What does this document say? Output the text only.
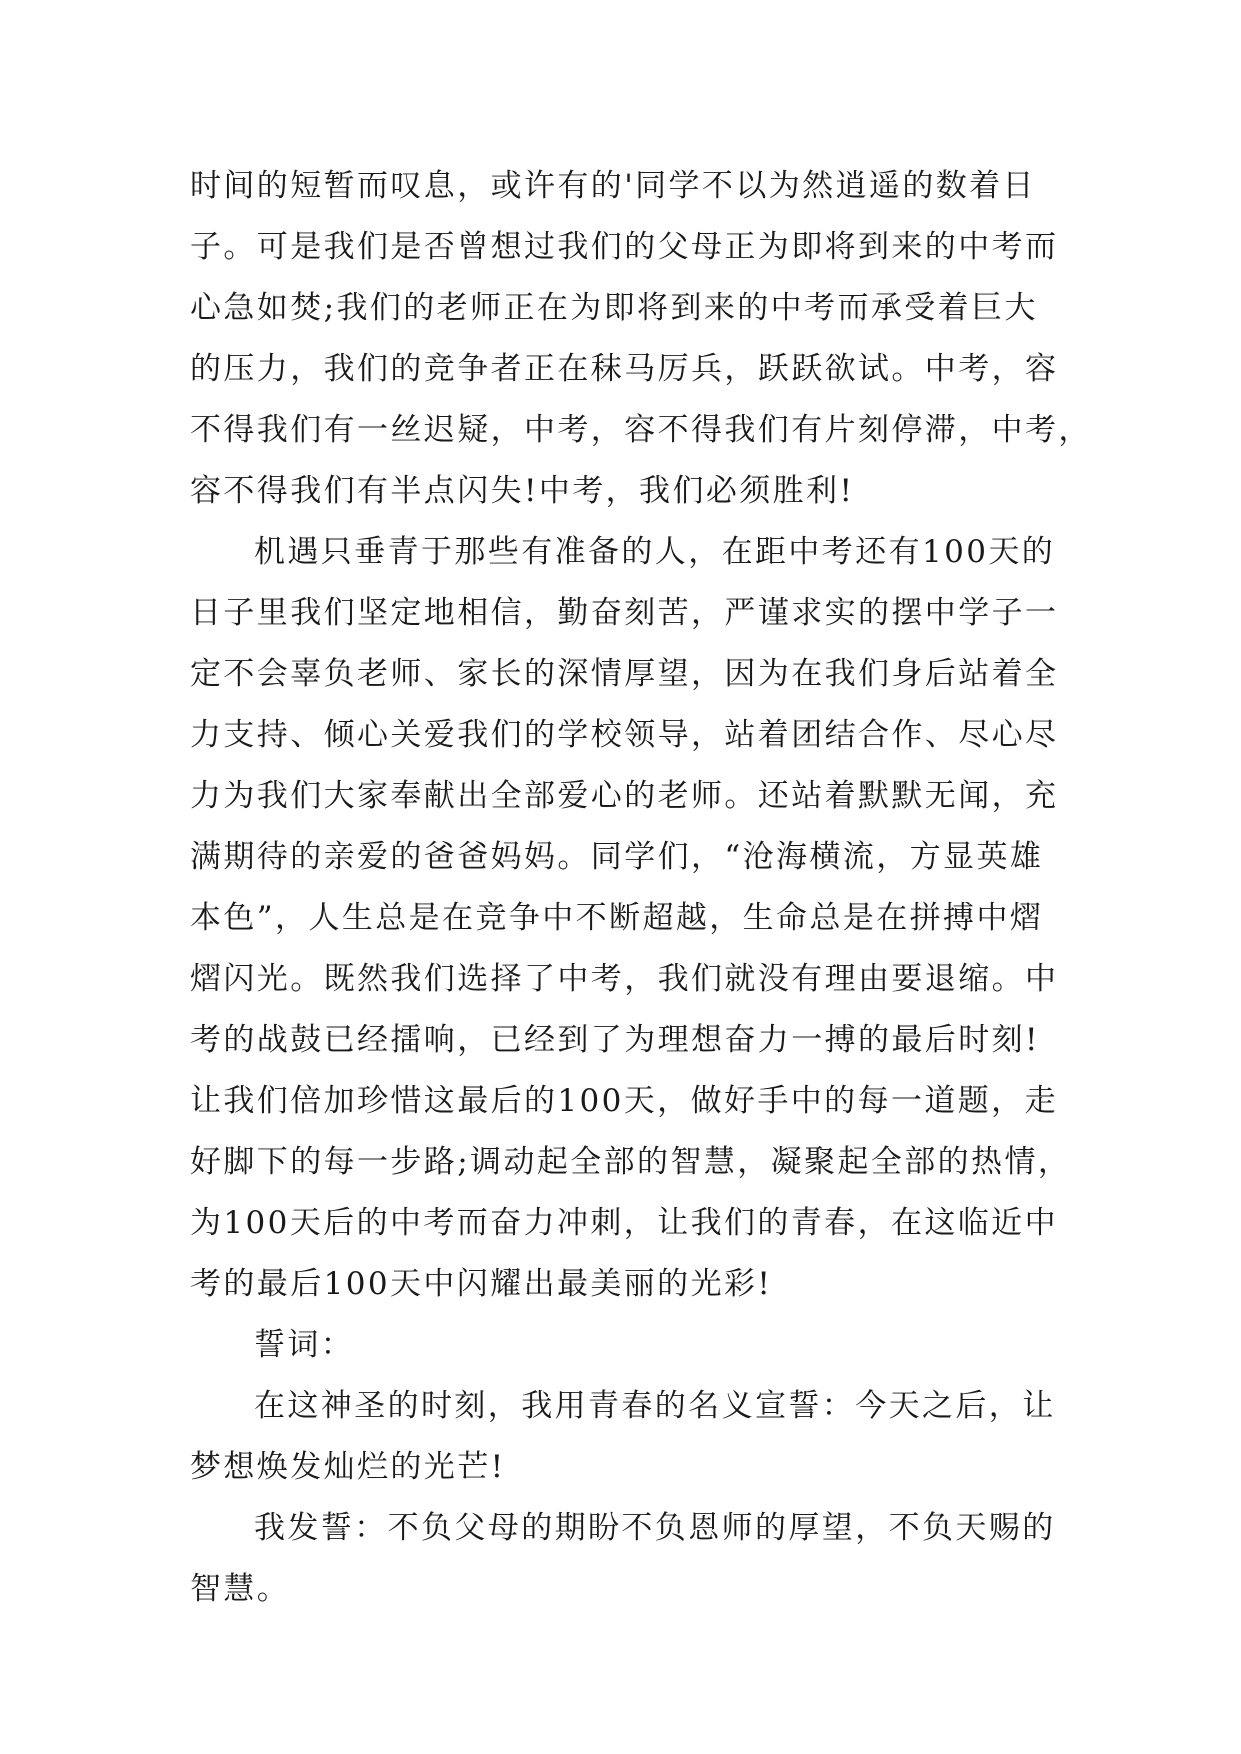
时间的短暂而叹息，或许有的'同学不以为然逍遥的数着日
子。可是我们是否曾想过我们的父母正为即将到来的中考而
心急如焚;我们的老师正在为即将到来的中考而承受着巨大
的压力，我们的竞争者正在秣马厉兵，跃跃欲试。中考，容
不得我们有一丝迟疑，中考，容不得我们有片刻停滞，中考，
容不得我们有半点闪失!中考，我们必须胜利!
机遇只垂青于那些有准备的人，在距中考还有100天的
日子里我们坚定地相信，勤奋刻苦，严谨求实的摆中学子一
定不会辜负老师、家长的深情厚望，因为在我们身后站着全
力支持、倾心关爱我们的学校领导，站着团结合作、尽心尽
力为我们大家奉献出全部爱心的老师。还站着默默无闻，充
满期待的亲爱的爸爸妈妈。同学们，“沧海横流，方显英雄
本色”，人生总是在竞争中不断超越，生命总是在拼搏中熠
熠闪光。既然我们选择了中考，我们就没有理由要退缩。中
考的战鼓已经擂响，已经到了为理想奋力一搏的最后时刻!
让我们倍加珍惜这最后的100天，做好手中的每一道题，走
好脚下的每一步路;调动起全部的智慧，凝聚起全部的热情，
为100天后的中考而奋力冲刺，让我们的青春，在这临近中
考的最后100天中闪耀出最美丽的光彩!
誓词：
在这神圣的时刻，我用青春的名义宣誓：今天之后，让
梦想焕发灿烂的光芒!
我发誓：不负父母的期盼不负恩师的厚望，不负天赐的
智慧。
